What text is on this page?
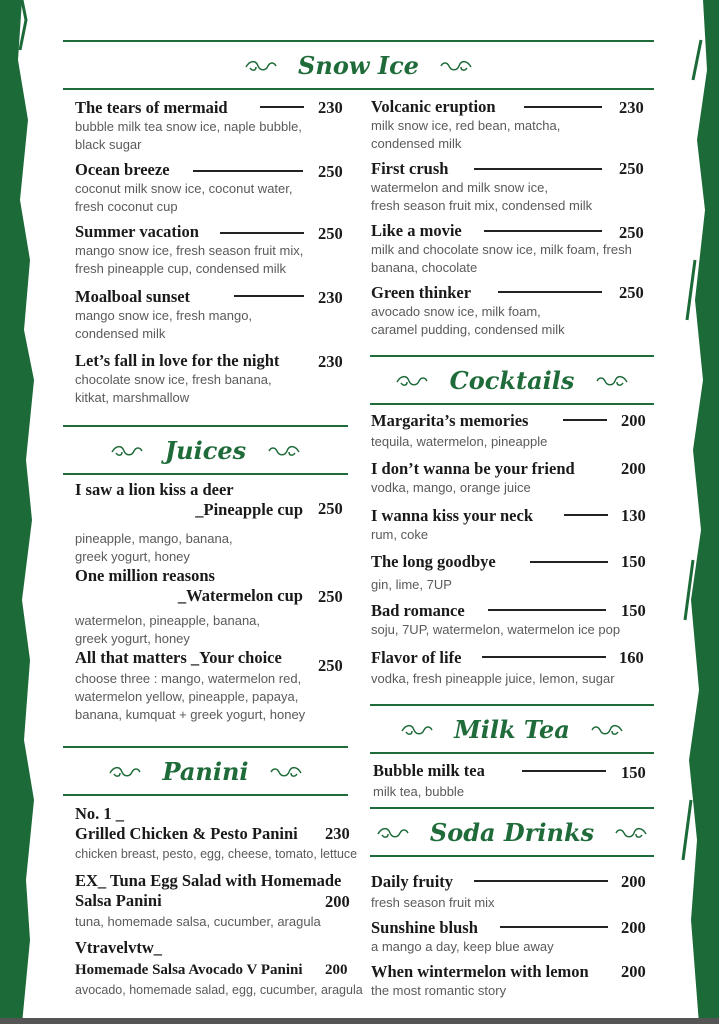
Snow Ice
Juices
Panini
Cocktails
Milk Tea
Soda Drinks
The tears of mermaid
bubble milk tea snow ice, naple bubble,
black sugar
230
Ocean breeze
coconut milk snow ice, coconut water,
fresh coconut cup
250
Summer vacation
mango snow ice, fresh season fruit mix,
fresh pineapple cup, condensed milk
250
Moalboal sunset
mango snow ice, fresh mango,
condensed milk
230
Let’s fall in love for the night
chocolate snow ice, fresh banana,
kitkat, marshmallow
230
Volcanic eruption
milk snow ice, red bean, matcha,
condensed milk
230
First crush
watermelon and milk snow ice,
fresh season fruit mix, condensed milk
250
Like a movie
milk and chocolate snow ice, milk foam, fresh
banana, chocolate
250
Green thinker
avocado snow ice, milk foam,
caramel pudding, condensed milk
250
I saw a lion kiss a deer
_Pineapple cup
pineapple, mango, banana,
greek yogurt, honey
250
One million reasons
_Watermelon cup
watermelon, pineapple, banana,
greek yogurt, honey
250
All that matters _Your choice
choose three : mango, watermelon red,
watermelon yellow, pineapple, papaya,
banana, kumquat + greek yogurt, honey
250
No. 1 _
Grilled Chicken & Pesto Panini
chicken breast, pesto, egg, cheese, tomato, lettuce
230
EX_ Tuna Egg Salad with Homemade
Salsa Panini
tuna, homemade salsa, cucumber, aragula
200
Vtravelvtw_
Homemade Salsa Avocado V Panini
avocado, homemade salad, egg, cucumber, aragula
200
Margarita’s memories
tequila, watermelon, pineapple
200
I don’t wanna be your friend
vodka, mango, orange juice
200
I wanna kiss your neck
rum, coke
130
The long goodbye
gin, lime, 7UP
150
Bad romance
soju, 7UP, watermelon, watermelon ice pop
150
Flavor of life
vodka, fresh pineapple juice, lemon, sugar
160
Bubble milk tea
milk tea, bubble
150
Daily fruity
fresh season fruit mix
200
Sunshine blush
a mango a day, keep blue away
200
When wintermelon with lemon
the most romantic story
200
